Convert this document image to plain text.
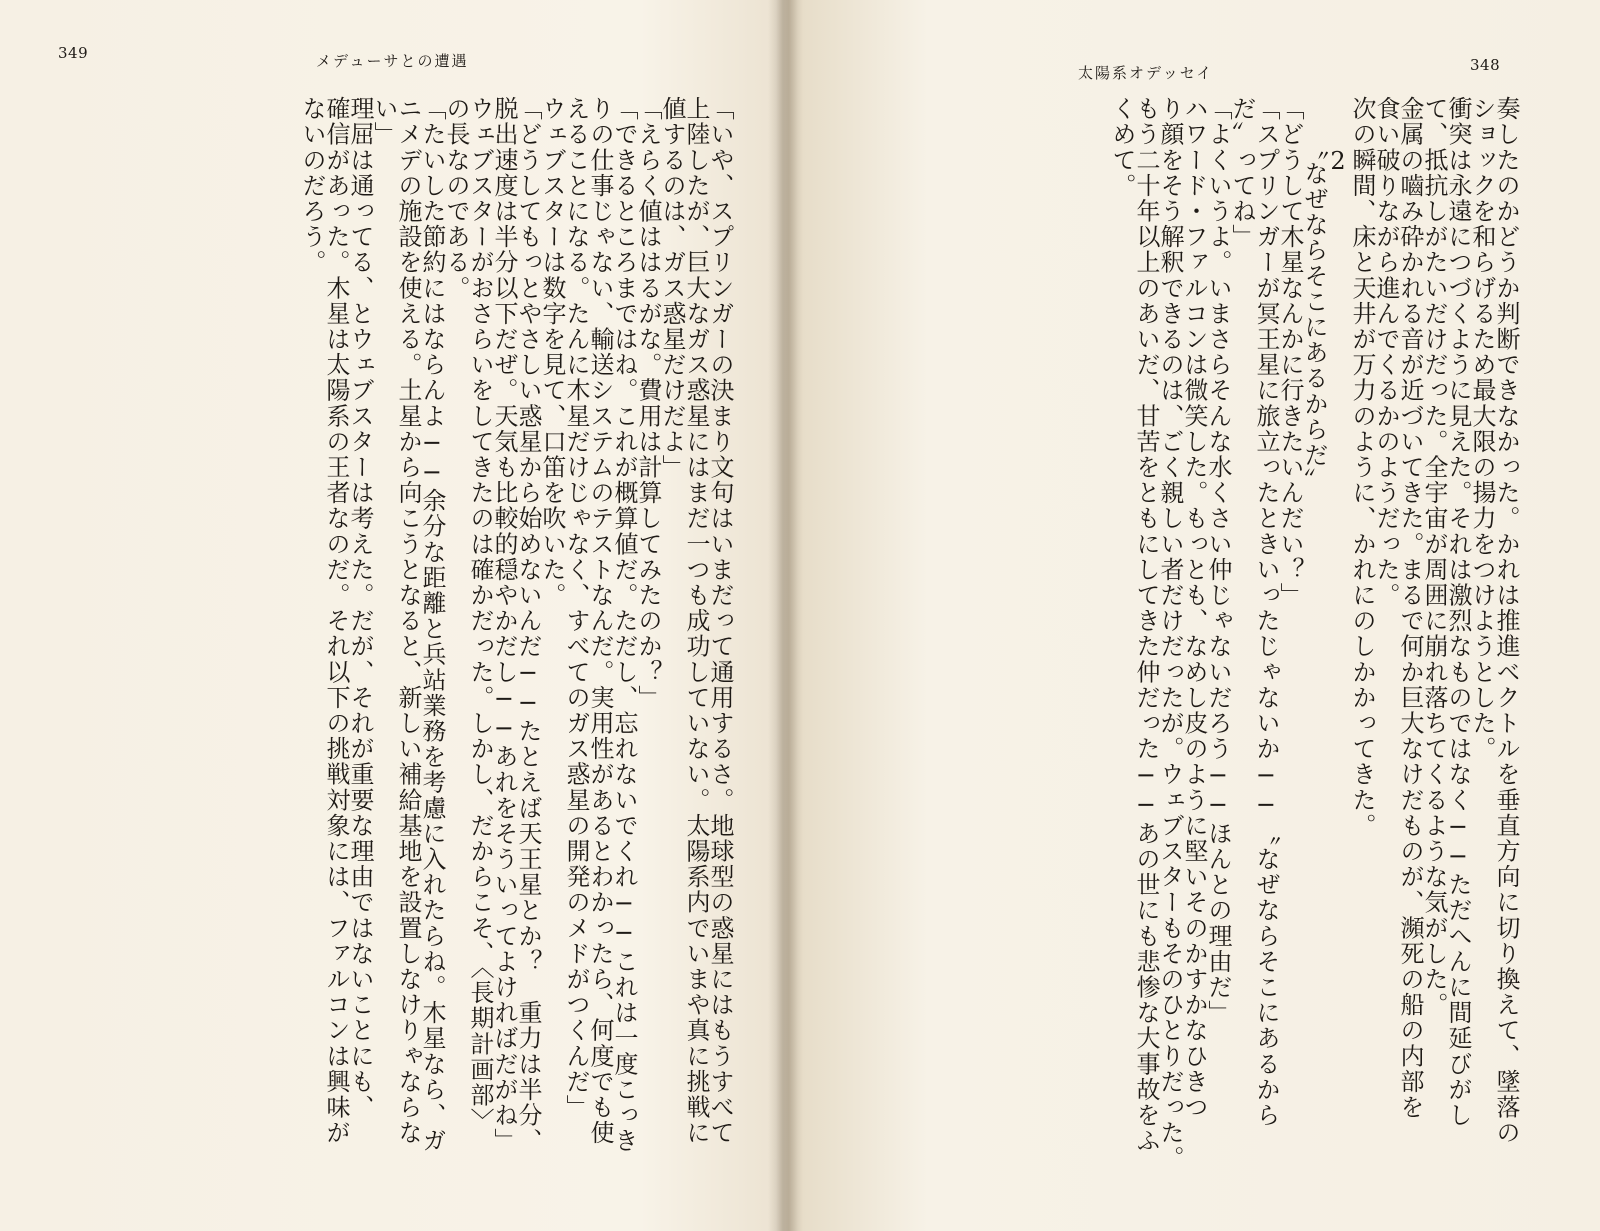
349	メデューサとの遭遇
「いや、スプリンガーの決まり文句はいまだって通用するさ。地球型の惑星にはもうすべて
上陸したが、巨大なガス惑星にはまだ一つも成功していない。太陽系内でいまや真に挑戦に
値するのは、ガス惑星だけだよ」
「えらく値ははるがな。費用は計算してみたのか？」
「できるところまではね。これが概算値だ。ただし、忘れないでくれ──これは一度こっき
りの仕事じゃない、輸送システムのテストなんだ。実用性があるとわかったら、何度でも使
えることになる。たんに木星だけじゃなく、すべてのガス惑星の開発のメドがつくんだ」
ウェブスターは数字を見て、口笛を吹いた。
「どうしてもっとやさしい惑星から始めないんだ──たとえば天王星とか？　重力は半分、
脱出速度は半分以下だぜ。天気も比較的穏やかだし──あれをそういってよければだがね」
ウェブスターがおさらいをしてきたのは確かだった。しかし、だからこそ、〈長期計画部〉
の長なのである。
「たいした節約にはならんよ──余分な距離と兵站業務を考慮に入れたらね。木星なら、ガ
ニメデの施設を使える。土星から向こうとなると、新しい補給基地を設置しなけりゃならな
い」
理屈は通ってる、とウェブスターは考えた。だが、それが重要な理由ではないことにも、
確信があった。木星は太陽系の王者なのだ。それ以下の挑戦対象には、ファルコンは興味が
ないのだろう。
太陽系オデッセイ	348
奏したのかどうか判断できなかった。かれは推進ベクトルを垂直方向に切り換えて、墜落の
ショックを和らげるため最大限の揚力をつけようとした。
衝突は永遠につづくように見えた。それは激烈なものではなく──ただへんに間延びがし
て、抵抗しがたいだけだった。全宇宙が周囲に崩れ落ちてくるような気がした。
金属の嚙み砕かれる音が近づいてきた。まるで何か巨大なけだものが、瀕死の船の内部を
食い破りながら進んでくるかのようだった。
次の瞬間、床と天井が万力のように、かれにのしかかってきた。
　　2
　　〝なぜならそこにあるからだ〟
「どうして木星なんかに行きたいんだい？」
「スプリンガーが冥王星に旅立ったときいったじゃないか──〝なぜならそこにあるから
だ〟ってね」
「よくいうよ。いまさらそんな水くさい仲じゃないだろう──ほんとの理由だ」
ハワード・ファルコンは微笑した。もっとも、なめし皮のように堅いそのかすかなひきつ
り顔をそう解釈できるのは、ごく親しい者だけだったが。ウェブスターもそのひとりだった。
もう二十年以上のあいだ、甘苦をともにしてきた仲だった──あの世にも悲惨な大事故をふ
くめて。
